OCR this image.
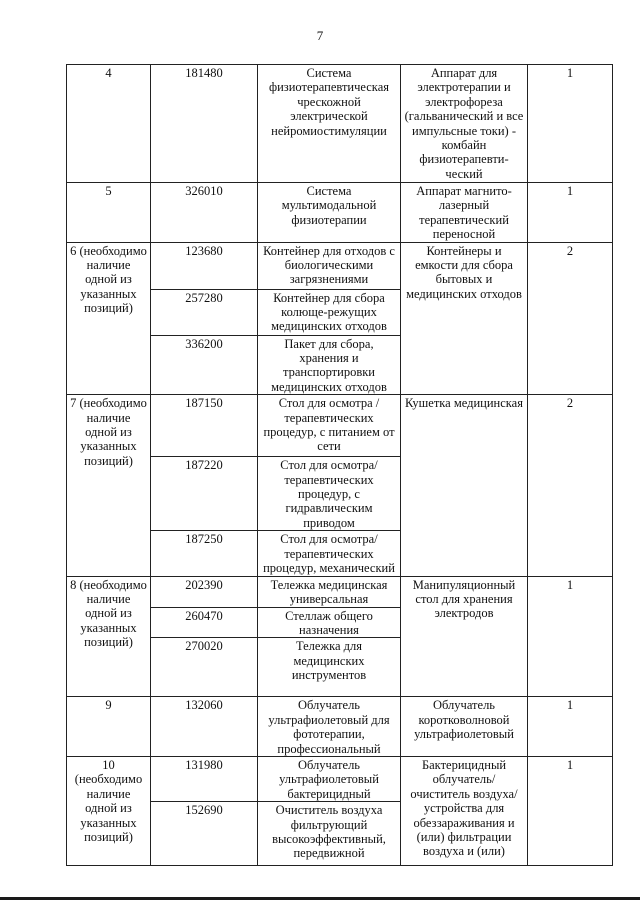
7
4	181480	Система физиотерапевтическая чрескожной электрической нейромиостимуляции	Аппарат для электротерапии и электрофореза (гальванический и все импульсные токи) - комбайн физиотерапевти-ческий	1
5	326010	Система мультимодальной физиотерапии	Аппарат магнито-лазерный терапевтический переносной	1
6 (необходимо наличие одной из указанных позиций)	123680	Контейнер для отходов с биологическими загрязнениями	Контейнеры и емкости для сбора бытовых и медицинских отходов	2
	257280	Контейнер для сбора колюще-режущих медицинских отходов		
	336200	Пакет для сбора, хранения и транспортировки медицинских отходов		
7 (необходимо наличие одной из указанных позиций)	187150	Стол для осмотра /терапевтических процедур, с питанием от сети	Кушетка медицинская	2
	187220	Стол для осмотра/ терапевтических процедур, с гидравлическим приводом		
	187250	Стол для осмотра/ терапевтических процедур, механический		
8 (необходимо наличие одной из указанных позиций)	202390	Тележка медицинская универсальная	Манипуляционный стол для хранения электродов	1
	260470	Стеллаж общего назначения		
	270020	Тележка для медицинских инструментов		
9	132060	Облучатель ультрафиолетовый для фототерапии, профессиональный	Облучатель коротковолновой ультрафиолетовый	1
10 (необходимо наличие одной из указанных позиций)	131980	Облучатель ультрафиолетовый бактерицидный	Бактерицидный облучатель/ очиститель воздуха/ устройства для обеззараживания и (или) фильтрации воздуха и (или)	1
	152690	Очиститель воздуха фильтрующий высокоэффективный, передвижной		
